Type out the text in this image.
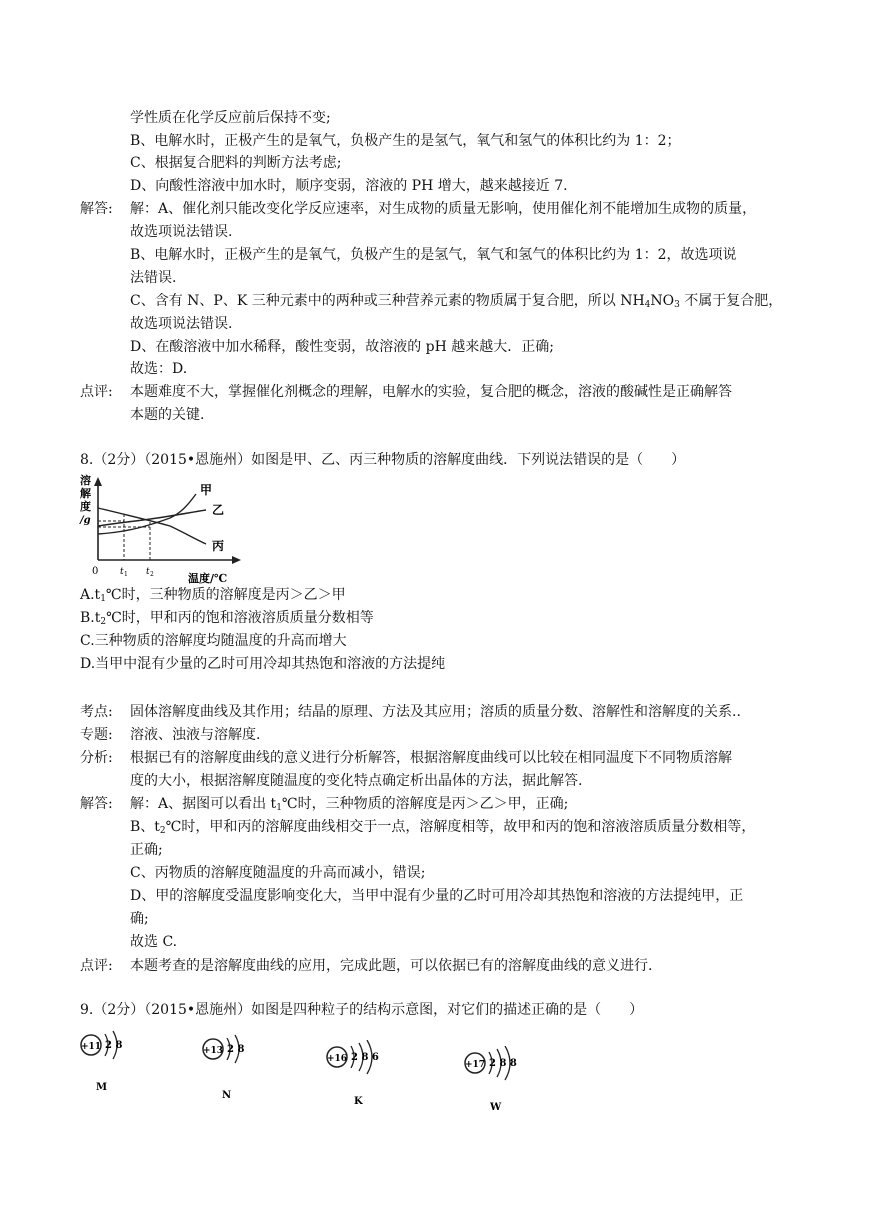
学性质在化学反应前后保持不变;
B、电解水时，正极产生的是氧气，负极产生的是氢气，氧气和氢气的体积比约为 1：2；
C、根据复合肥料的判断方法考虑;
D、向酸性溶液中加水时，顺序变弱，溶液的 PH 增大，越来越接近 7.
解答: 解：A、催化剂只能改变化学反应速率，对生成物的质量无影响，使用催化剂不能增加生成物的质量，
故选项说法错误.
B、电解水时，正极产生的是氧气，负极产生的是氢气，氧气和氢气的体积比约为 1：2，故选项说
法错误.
C、含有 N、P、K 三种元素中的两种或三种营养元素的物质属于复合肥，所以 $NH_4NO_3$ 不属于复合肥，
故选项说法错误.
D、在酸溶液中加水稀释，酸性变弱，故溶液的 pH 越来越大．正确;
故选：D.
点评: 本题难度不大，掌握催化剂概念的理解，电解水的实验，复合肥的概念，溶液的酸碱性是正确解答
本题的关键.
8.（2分）（2015•恩施州）如图是甲、乙、丙三种物质的溶解度曲线．下列说法错误的是（　　）
溶
解
度
/g
甲
乙
丙
0 t 1 t 2	温度/℃
$A.t_1℃$时，三种物质的溶解度是丙＞乙＞甲
$B.t_2℃$时，甲和丙的饱和溶液溶质质量分数相等
C.三种物质的溶解度均随温度的升高而增大
D.当甲中混有少量的乙时可用冷却其热饱和溶液的方法提纯
考点: 固体溶解度曲线及其作用；结晶的原理、方法及其应用；溶质的质量分数、溶解性和溶解度的关系..
专题: 溶液、浊液与溶解度.
分析: 根据已有的溶解度曲线的意义进行分析解答，根据溶解度曲线可以比较在相同温度下不同物质溶解
度的大小，根据溶解度随温度的变化特点确定析出晶体的方法，据此解答.
解答: 解：A、据图可以看出 $t_1℃$时，三种物质的溶解度是丙＞乙＞甲，正确;
B、$t_2℃$时，甲和丙的溶解度曲线相交于一点，溶解度相等，故甲和丙的饱和溶液溶质质量分数相等，
正确;
C、丙物质的溶解度随温度的升高而减小，错误;
D、甲的溶解度受温度影响变化大，当甲中混有少量的乙时可用冷却其热饱和溶液的方法提纯甲，正
确;
故选 C.
点评: 本题考查的是溶解度曲线的应用，完成此题，可以依据已有的溶解度曲线的意义进行.
9.（2分）（2015•恩施州）如图是四种粒子的结构示意图，对它们的描述正确的是（　　）
+11 2 8
M
+13 2 8
N
+16 2 8 6
K
+17 2 8 8
W
